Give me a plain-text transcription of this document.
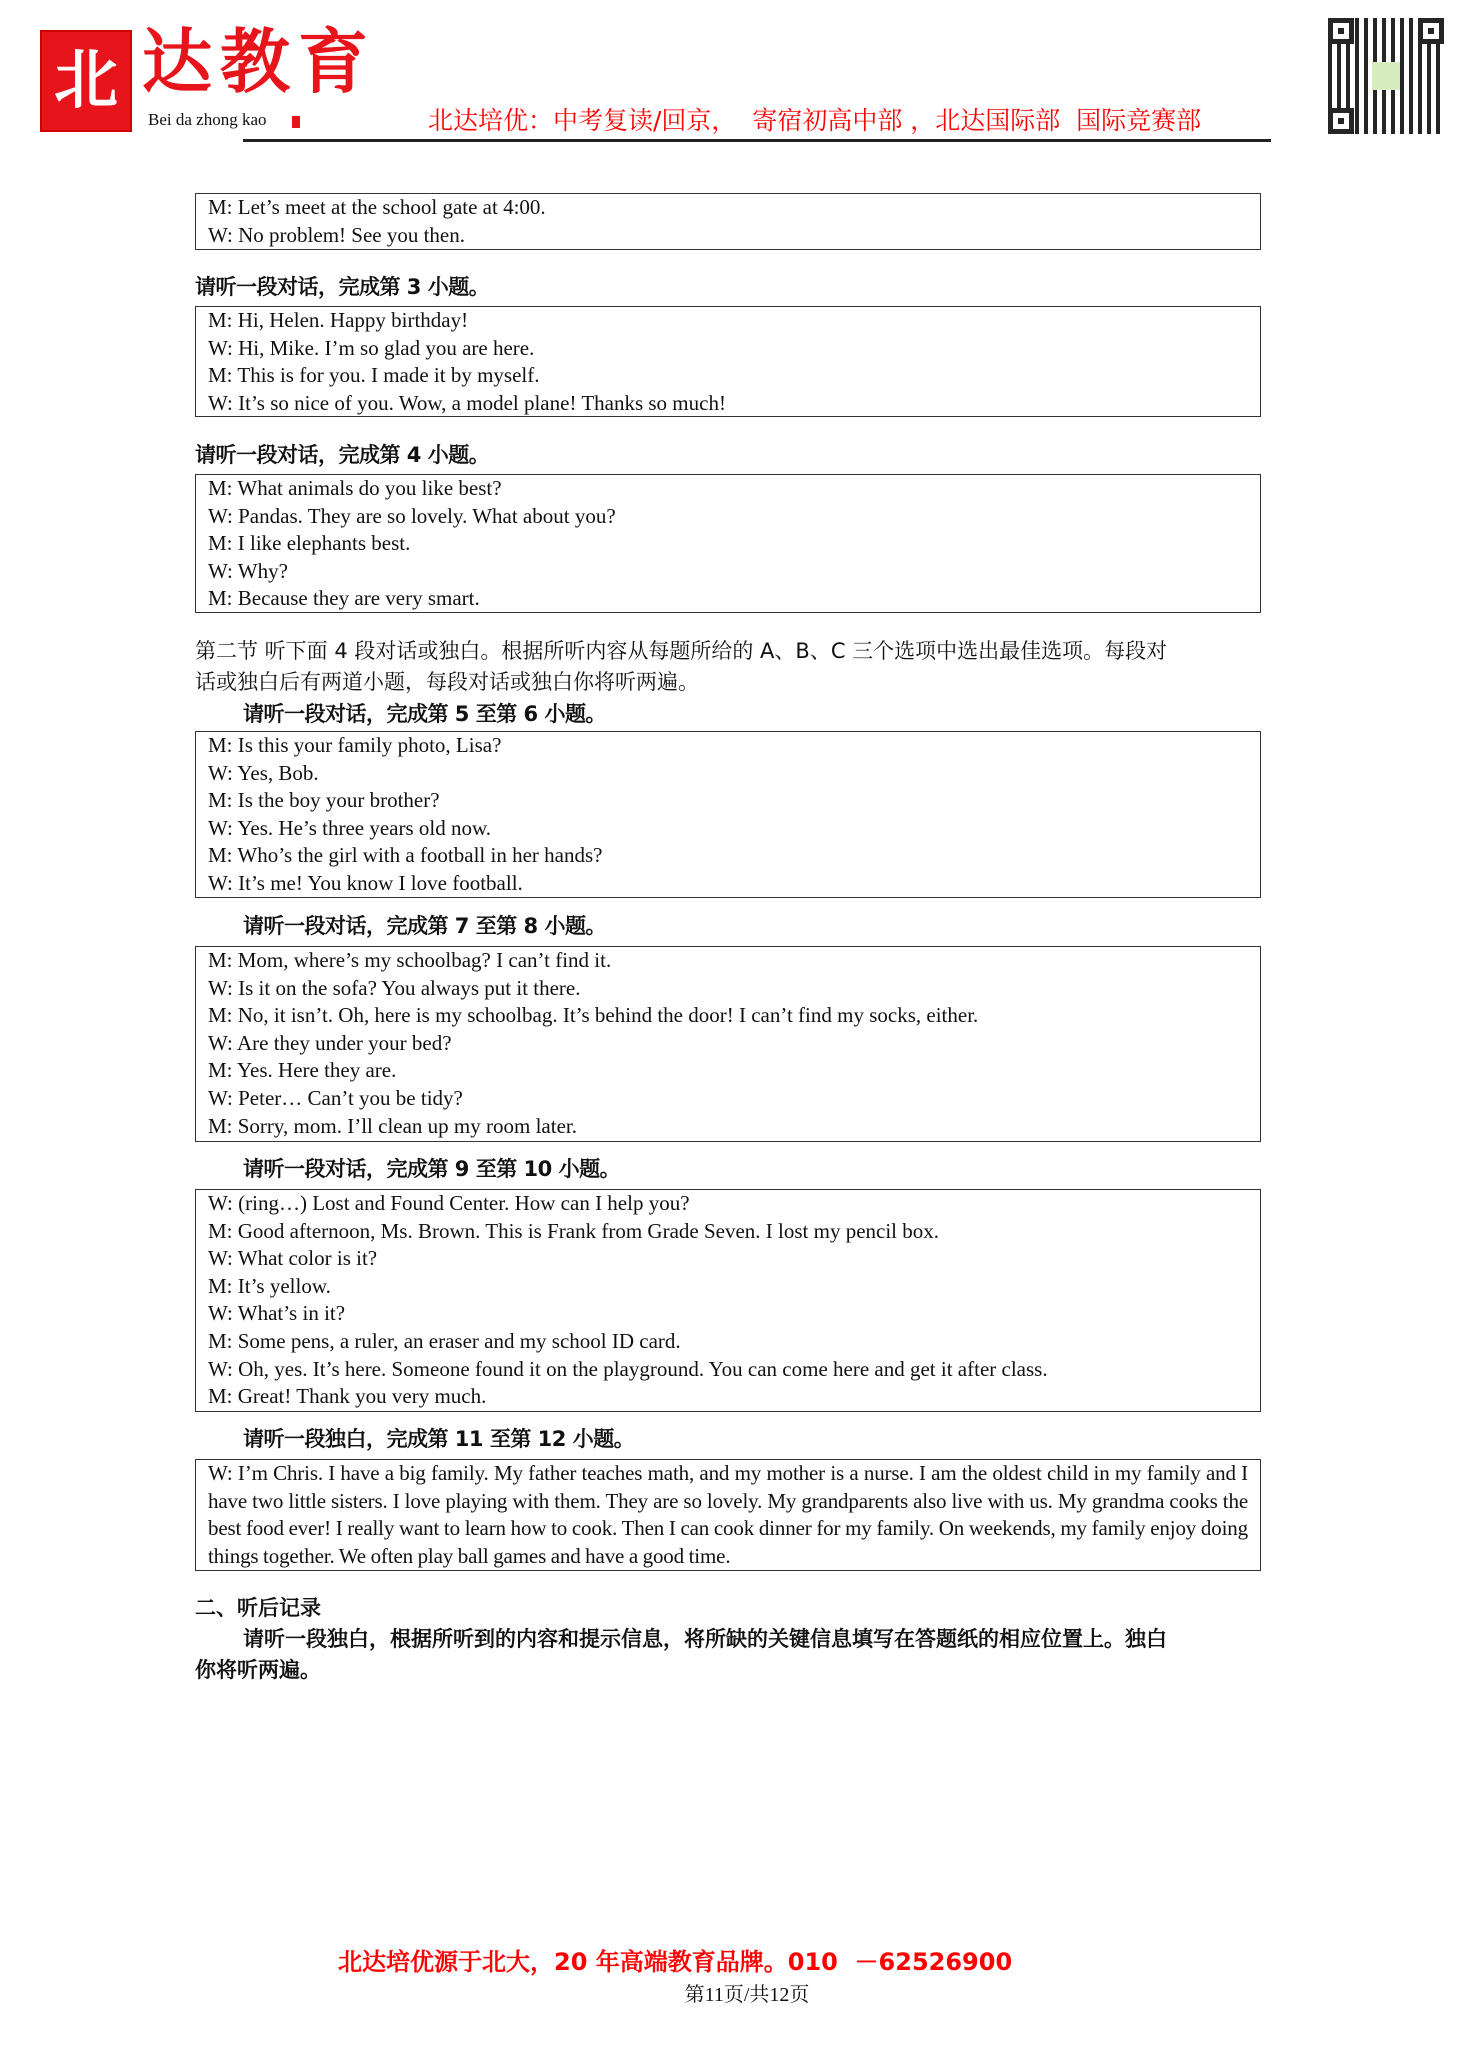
北 达教育
Bei da zhong kao	北达培优：中考复读/回京，  寄宿初高中部 ，北达国际部  国际竞赛部

M: Let’s meet at the school gate at 4:00.

W: No problem! See you then.

请听一段对话，完成第 3 小题。

M: Hi, Helen. Happy birthday!

W: Hi, Mike. I’m so glad you are here.

M: This is for you. I made it by myself.

W: It’s so nice of you. Wow, a model plane! Thanks so much!

请听一段对话，完成第 4 小题。

M: What animals do you like best?

W: Pandas. They are so lovely. What about you?

M: I like elephants best.

W: Why?

M: Because they are very smart.

第二节 听下面 4 段对话或独白。根据所听内容从每题所给的 A、B、C 三个选项中选出最佳选项。每段对
话或独白后有两道小题，每段对话或独白你将听两遍。
请听一段对话，完成第 5 至第 6 小题。

M: Is this your family photo, Lisa?

W: Yes, Bob.

M: Is the boy your brother?

W: Yes. He’s three years old now.

M: Who’s the girl with a football in her hands?

W: It’s me! You know I love football.

请听一段对话，完成第 7 至第 8 小题。

M: Mom, where’s my schoolbag? I can’t find it.

W: Is it on the sofa? You always put it there.

M: No, it isn’t. Oh, here is my schoolbag. It’s behind the door! I can’t find my socks, either.

W: Are they under your bed?

M: Yes. Here they are.

W: Peter… Can’t you be tidy?

M: Sorry, mom. I’ll clean up my room later.

请听一段对话，完成第 9 至第 10 小题。

W: (ring…) Lost and Found Center. How can I help you?

M: Good afternoon, Ms. Brown. This is Frank from Grade Seven. I lost my pencil box.

W: What color is it?

M: It’s yellow.

W: What’s in it?

M: Some pens, a ruler, an eraser and my school ID card.

W: Oh, yes. It’s here. Someone found it on the playground. You can come here and get it after class.

M: Great! Thank you very much.

请听一段独白，完成第 11 至第 12 小题。

W: I’m Chris. I have a big family. My father teaches math, and my mother is a nurse. I am the oldest child in my family and I have two little sisters. I love playing with them. They are so lovely. My grandparents also live with us. My grandma cooks the best food ever! I really want to learn how to cook. Then I can cook dinner for my family. On weekends, my family enjoy doing things together. We often play ball games and have a good time.

二、听后记录
请听一段独白，根据所听到的内容和提示信息，将所缺的关键信息填写在答题纸的相应位置上。独白
你将听两遍。
北达培优源于北大，20 年高端教育品牌。010  －62526900
第11页/共12页
